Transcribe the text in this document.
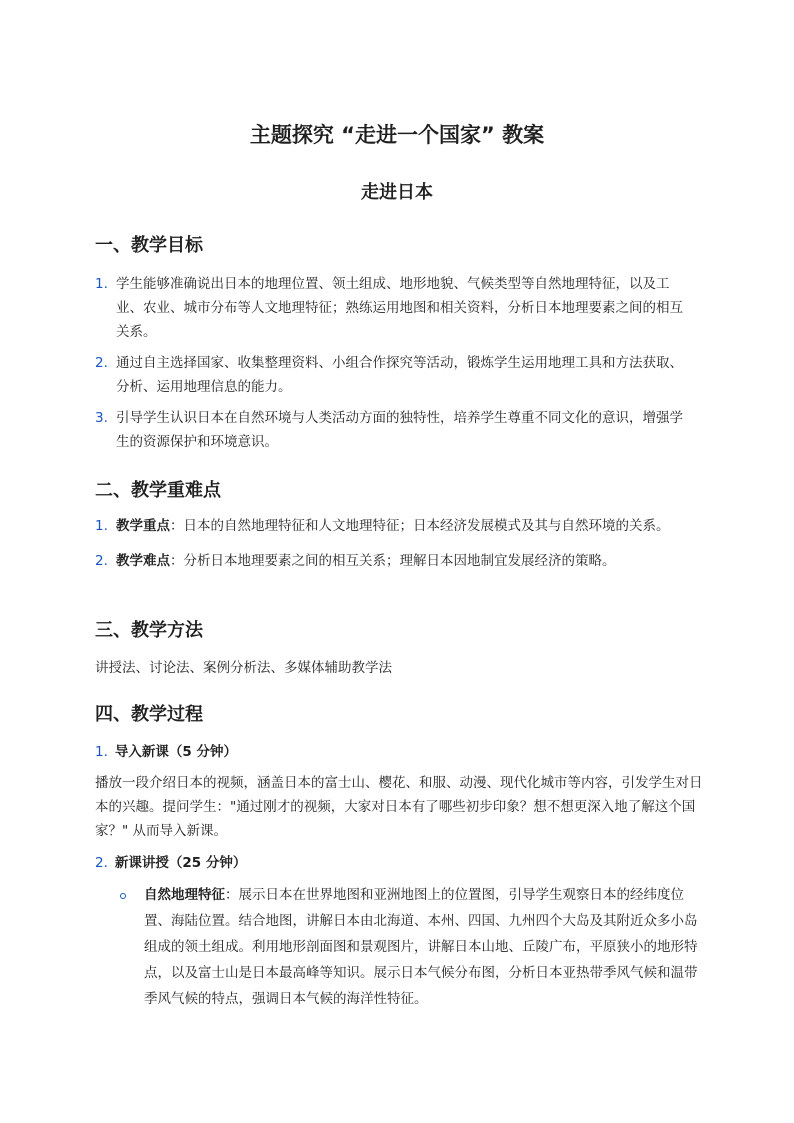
主题探究 “走进一个国家” 教案
走进日本
一、教学目标
1. 学生能够准确说出日本的地理位置、领土组成、地形地貌、气候类型等自然地理特征，以及工业、农业、城市分布等人文地理特征；熟练运用地图和相关资料，分析日本地理要素之间的相互关系。
2. 通过自主选择国家、收集整理资料、小组合作探究等活动，锻炼学生运用地理工具和方法获取、分析、运用地理信息的能力。
3. 引导学生认识日本在自然环境与人类活动方面的独特性，培养学生尊重不同文化的意识，增强学生的资源保护和环境意识。
二、教学重难点
1. 教学重点：日本的自然地理特征和人文地理特征；日本经济发展模式及其与自然环境的关系。
2. 教学难点：分析日本地理要素之间的相互关系；理解日本因地制宜发展经济的策略。
三、教学方法
讲授法、讨论法、案例分析法、多媒体辅助教学法
四、教学过程
1. 导入新课（5 分钟）
播放一段介绍日本的视频，涵盖日本的富士山、樱花、和服、动漫、现代化城市等内容，引发学生对日本的兴趣。提问学生："通过刚才的视频，大家对日本有了哪些初步印象？想不想更深入地了解这个国家？" 从而导入新课。
2. 新课讲授（25 分钟）
自然地理特征：展示日本在世界地图和亚洲地图上的位置图，引导学生观察日本的经纬度位置、海陆位置。结合地图，讲解日本由北海道、本州、四国、九州四个大岛及其附近众多小岛组成的领土组成。利用地形剖面图和景观图片，讲解日本山地、丘陵广布，平原狭小的地形特点，以及富士山是日本最高峰等知识。展示日本气候分布图，分析日本亚热带季风气候和温带季风气候的特点，强调日本气候的海洋性特征。
